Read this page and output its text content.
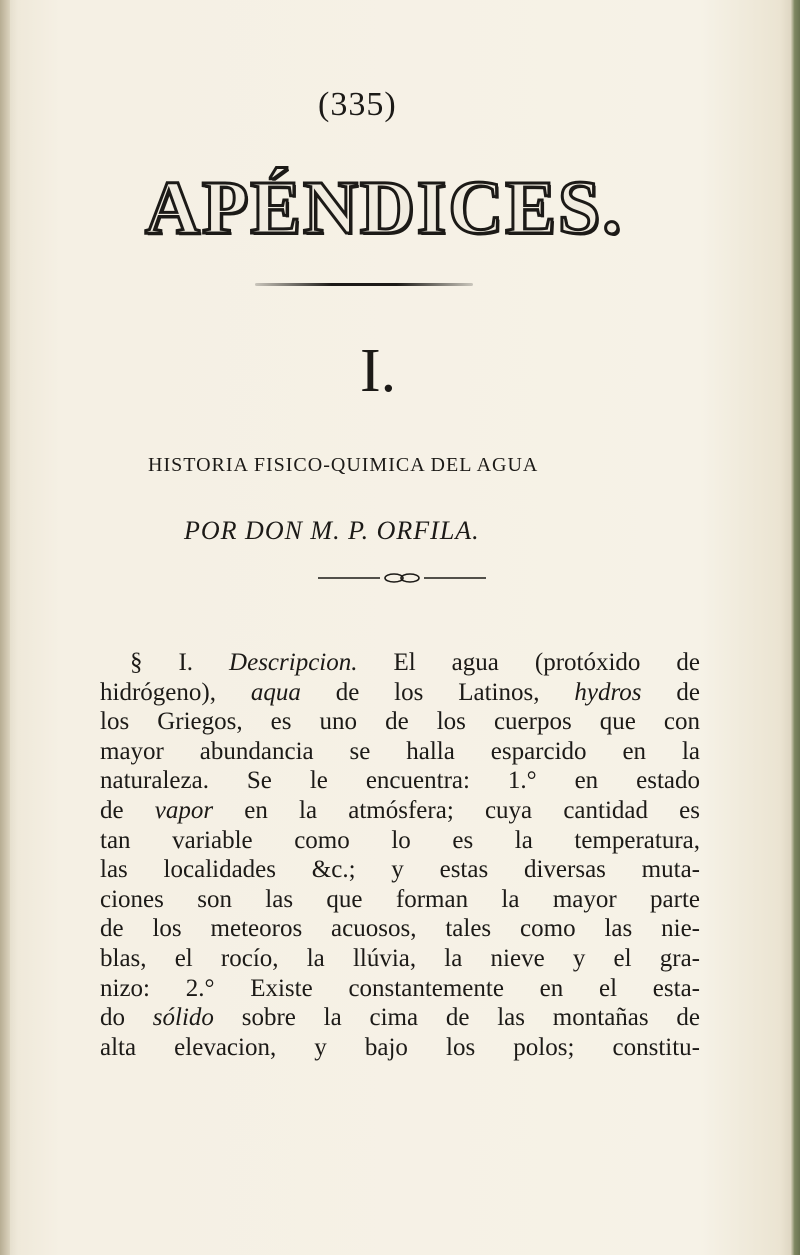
(335)
APÉNDICES.
I.
HISTORIA FISICO-QUIMICA DEL AGUA
POR DON M. P. ORFILA.
§ I. Descripcion. El agua (protóxido de
hidrógeno), aqua de los Latinos, hydros de
los Griegos, es uno de los cuerpos que con
mayor abundancia se halla esparcido en la
naturaleza. Se le encuentra: 1.° en estado
de vapor en la atmósfera; cuya cantidad es
tan variable como lo es la temperatura,
las localidades &c.; y estas diversas muta-
ciones son las que forman la mayor parte
de los meteoros acuosos, tales como las nie-
blas, el rocío, la llúvia, la nieve y el gra-
nizo: 2.° Existe constantemente en el esta-
do sólido sobre la cima de las montañas de
alta elevacion, y bajo los polos; constitu-
